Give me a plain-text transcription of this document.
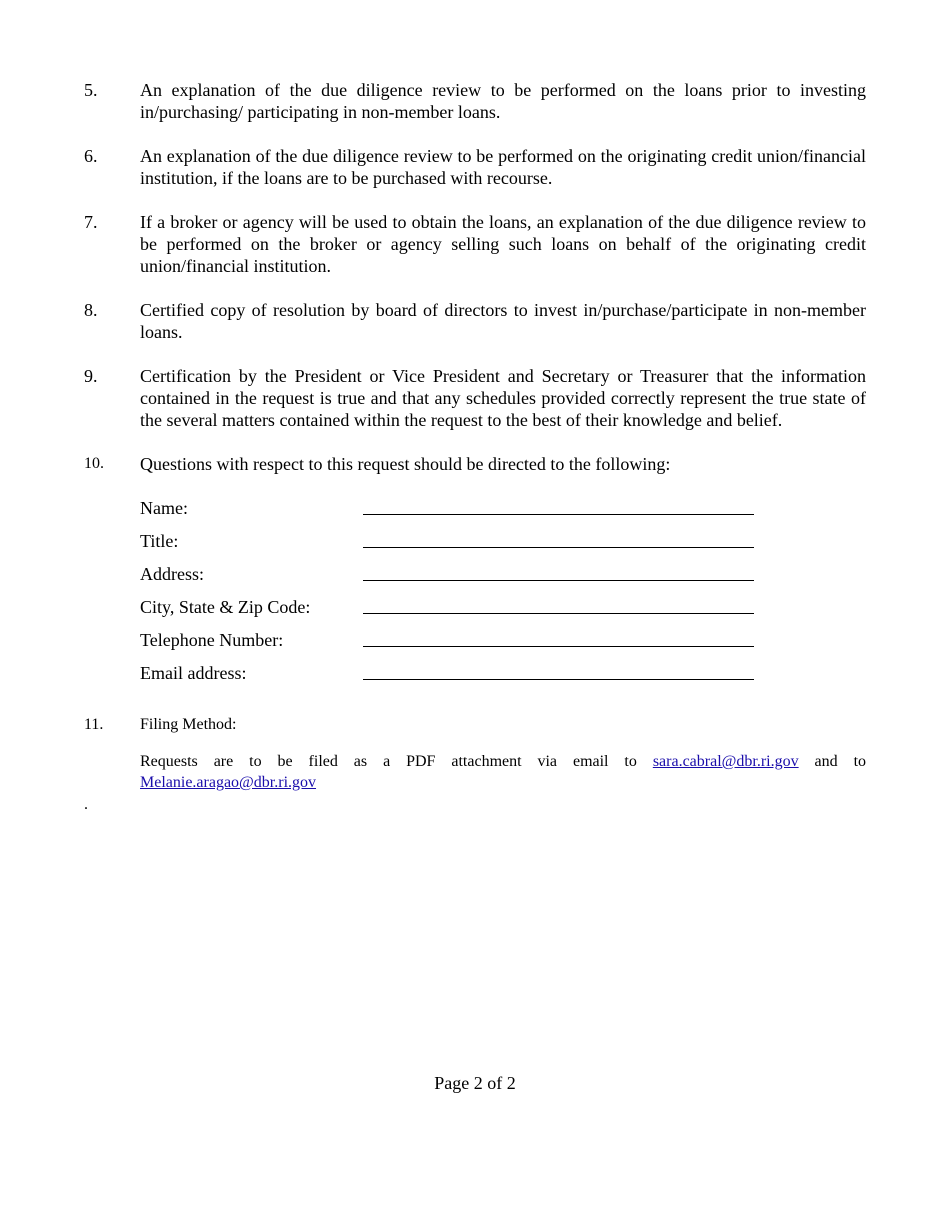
5. An explanation of the due diligence review to be performed on the loans prior to investing in/purchasing/ participating in non-member loans.
6. An explanation of the due diligence review to be performed on the originating credit union/financial institution, if the loans are to be purchased with recourse.
7. If a broker or agency will be used to obtain the loans, an explanation of the due diligence review to be performed on the broker or agency selling such loans on behalf of the originating credit union/financial institution.
8. Certified copy of resolution by board of directors to invest in/purchase/participate in non-member loans.
9. Certification by the President or Vice President and Secretary or Treasurer that the information contained in the request is true and that any schedules provided correctly represent the true state of the several matters contained within the request to the best of their knowledge and belief.
10. Questions with respect to this request should be directed to the following:
Name:
Title:
Address:
City, State & Zip Code:
Telephone Number:
Email address:
11. Filing Method:
Requests are to be filed as a PDF attachment via email to sara.cabral@dbr.ri.gov and to Melanie.aragao@dbr.ri.gov
.
Page 2 of 2
